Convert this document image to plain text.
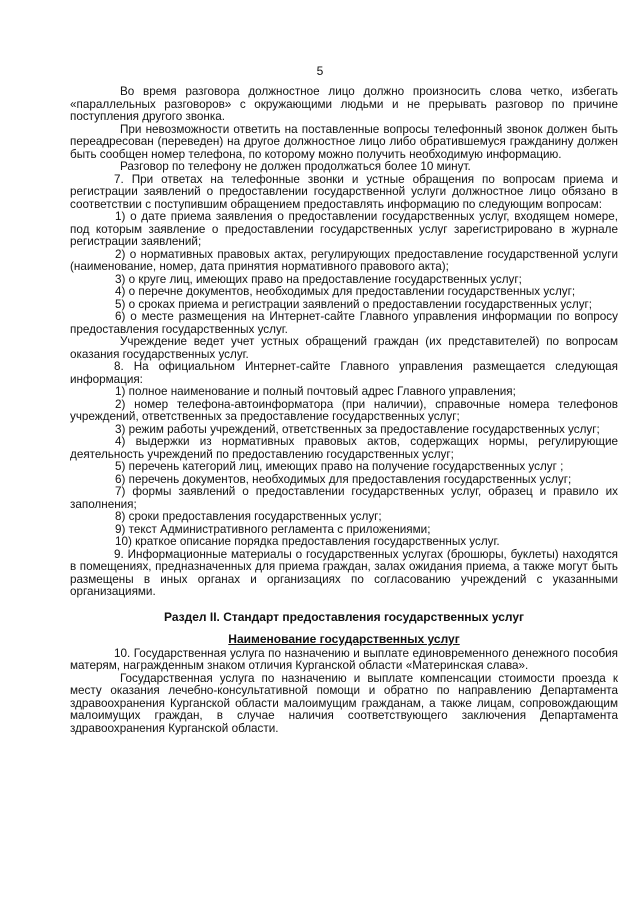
5

Во время разговора должностное лицо должно произносить слова четко, избегать «параллельных разговоров» с окружающими людьми и не прерывать разговор по причине поступления другого звонка.

При невозможности ответить на поставленные вопросы телефонный звонок должен быть переадресован (переведен) на другое должностное лицо либо обратившемуся гражданину должен быть сообщен номер телефона, по которому можно получить необходимую информацию.

Разговор по телефону не должен продолжаться более 10 минут.

7. При ответах на телефонные звонки и устные обращения по вопросам приема и регистрации заявлений о предоставлении государственной услуги должностное лицо обязано в соответствии с поступившим обращением предоставлять информацию по следующим вопросам:

1) о дате приема заявления о предоставлении государственных услуг, входящем номере, под которым заявление о предоставлении государственных услуг зарегистрировано в журнале регистрации заявлений;

2) о нормативных правовых актах, регулирующих предоставление государственной услуги (наименование, номер, дата принятия нормативного правового акта);

3) о круге лиц, имеющих право на предоставление государственных услуг;

4) о перечне документов, необходимых для предоставлении государственных услуг;

5) о сроках приема и регистрации заявлений о предоставлении государственных услуг;

6) о месте размещения на Интернет-сайте Главного управления информации по вопросу предоставления государственных услуг.

Учреждение ведет учет устных обращений граждан (их представителей) по вопросам оказания государственных услуг.

8. На официальном Интернет-сайте Главного управления размещается следующая информация:

1) полное наименование и полный почтовый адрес Главного управления;

2) номер телефона-автоинформатора (при наличии), справочные номера телефонов учреждений, ответственных за предоставление государственных услуг;

3) режим работы учреждений, ответственных за предоставление государственных услуг;

4) выдержки из нормативных правовых актов, содержащих нормы, регулирующие деятельность учреждений по предоставлению государственных услуг;

5) перечень категорий лиц, имеющих право на получение государственных услуг ;

6) перечень документов, необходимых для предоставления государственных услуг;

7) формы заявлений о предоставлении государственных услуг, образец и правило их заполнения;

8) сроки предоставления государственных услуг;

9) текст Административного регламента с приложениями;

10) краткое описание порядка предоставления государственных услуг.

9. Информационные материалы о государственных услугах (брошюры, буклеты) находятся в помещениях, предназначенных для приема граждан, залах ожидания приема, а также могут быть размещены в иных органах и организациях по согласованию учреждений с указанными организациями.

Раздел II. Стандарт предоставления государственных услуг

Наименование государственных услуг

10. Государственная услуга по назначению и выплате единовременного денежного пособия матерям, награжденным знаком отличия Курганской области «Материнская слава».

Государственная услуга по назначению и выплате компенсации стоимости проезда к месту оказания лечебно-консультативной помощи и обратно по направлению Департамента здравоохранения Курганской области малоимущим гражданам, а также лицам, сопровождающим малоимущих граждан, в случае наличия соответствующего заключения Департамента здравоохранения Курганской области.
